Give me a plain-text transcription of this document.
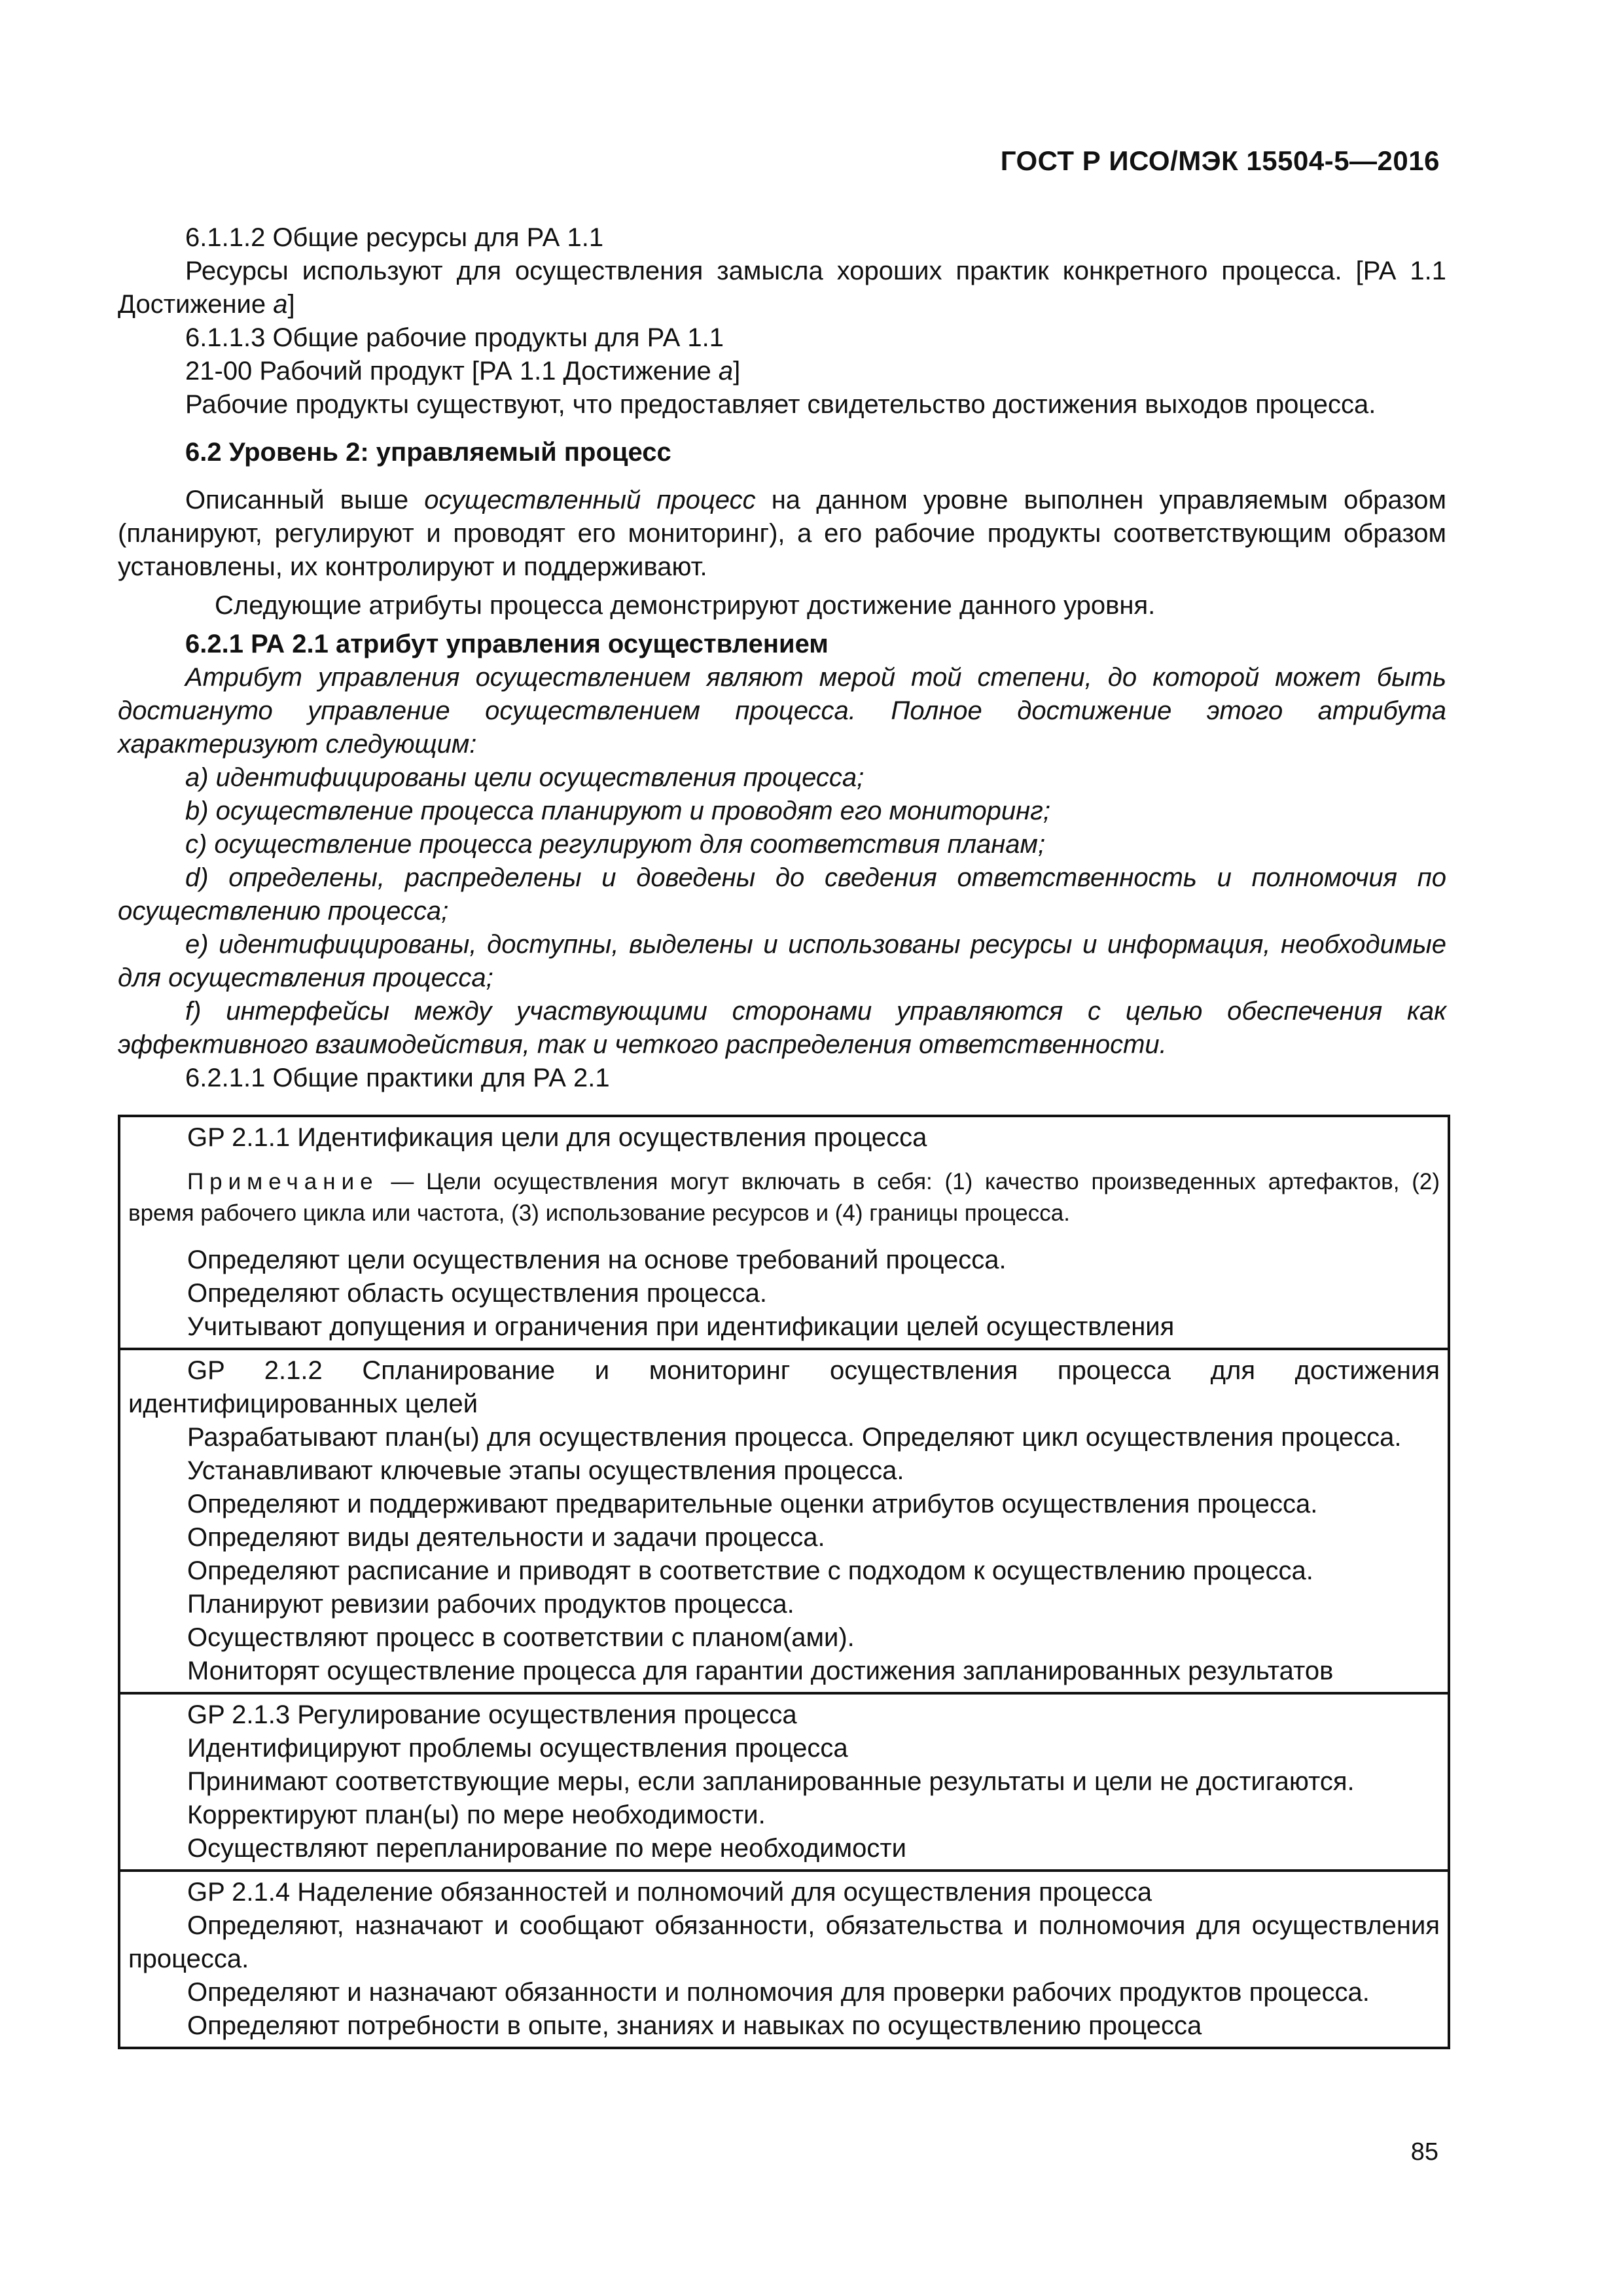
ГОСТ Р ИСО/МЭК 15504-5—2016

6.1.1.2 Общие ресурсы для РА 1.1

Ресурсы используют для осуществления замысла хороших практик конкретного процесса. [РА 1.1 Достижение а]

6.1.1.3 Общие рабочие продукты для РА 1.1

21-00 Рабочий продукт [РА 1.1 Достижение а]

Рабочие продукты существуют, что предоставляет свидетельство достижения выходов процесса.

6.2 Уровень 2: управляемый процесс

Описанный выше осуществленный процесс на данном уровне выполнен управляемым образом (планируют, регулируют и проводят его мониторинг), а его рабочие продукты соответствующим образом установлены, их контролируют и поддерживают.

Следующие атрибуты процесса демонстрируют достижение данного уровня.

6.2.1 РА 2.1 атрибут управления осуществлением

Атрибут управления осуществлением являют мерой той степени, до которой может быть достигнуто управление осуществлением процесса. Полное достижение этого атрибута характеризуют следующим:

a) идентифицированы цели осуществления процесса;

b) осуществление процесса планируют и проводят его мониторинг;

c) осуществление процесса регулируют для соответствия планам;

d) определены, распределены и доведены до сведения ответственность и полномочия по осуществлению процесса;

e) идентифицированы, доступны, выделены и использованы ресурсы и информация, необходимые для осуществления процесса;

f) интерфейсы между участвующими сторонами управляются с целью обеспечения как эффективного взаимодействия, так и четкого распределения ответственности.

6.2.1.1 Общие практики для РА 2.1

GP 2.1.1 Идентификация цели для осуществления процесса

Примечание — Цели осуществления могут включать в себя: (1) качество произведенных артефактов, (2) время рабочего цикла или частота, (3) использование ресурсов и (4) границы процесса.

Определяют цели осуществления на основе требований процесса.

Определяют область осуществления процесса.

Учитывают допущения и ограничения при идентификации целей осуществления

GP 2.1.2 Спланирование и мониторинг осуществления процесса для достижения идентифицированных целей

Разрабатывают план(ы) для осуществления процесса. Определяют цикл осуществления процесса.

Устанавливают ключевые этапы осуществления процесса.

Определяют и поддерживают предварительные оценки атрибутов осуществления процесса.

Определяют виды деятельности и задачи процесса.

Определяют расписание и приводят в соответствие с подходом к осуществлению процесса.

Планируют ревизии рабочих продуктов процесса.

Осуществляют процесс в соответствии с планом(ами).

Мониторят осуществление процесса для гарантии достижения запланированных результатов

GP 2.1.3 Регулирование осуществления процесса

Идентифицируют проблемы осуществления процесса

Принимают соответствующие меры, если запланированные результаты и цели не достигаются.

Корректируют план(ы) по мере необходимости.

Осуществляют перепланирование по мере необходимости

GP 2.1.4 Наделение обязанностей и полномочий для осуществления процесса

Определяют, назначают и сообщают обязанности, обязательства и полномочия для осуществления процесса.

Определяют и назначают обязанности и полномочия для проверки рабочих продуктов процесса.

Определяют потребности в опыте, знаниях и навыках по осуществлению процесса

85
